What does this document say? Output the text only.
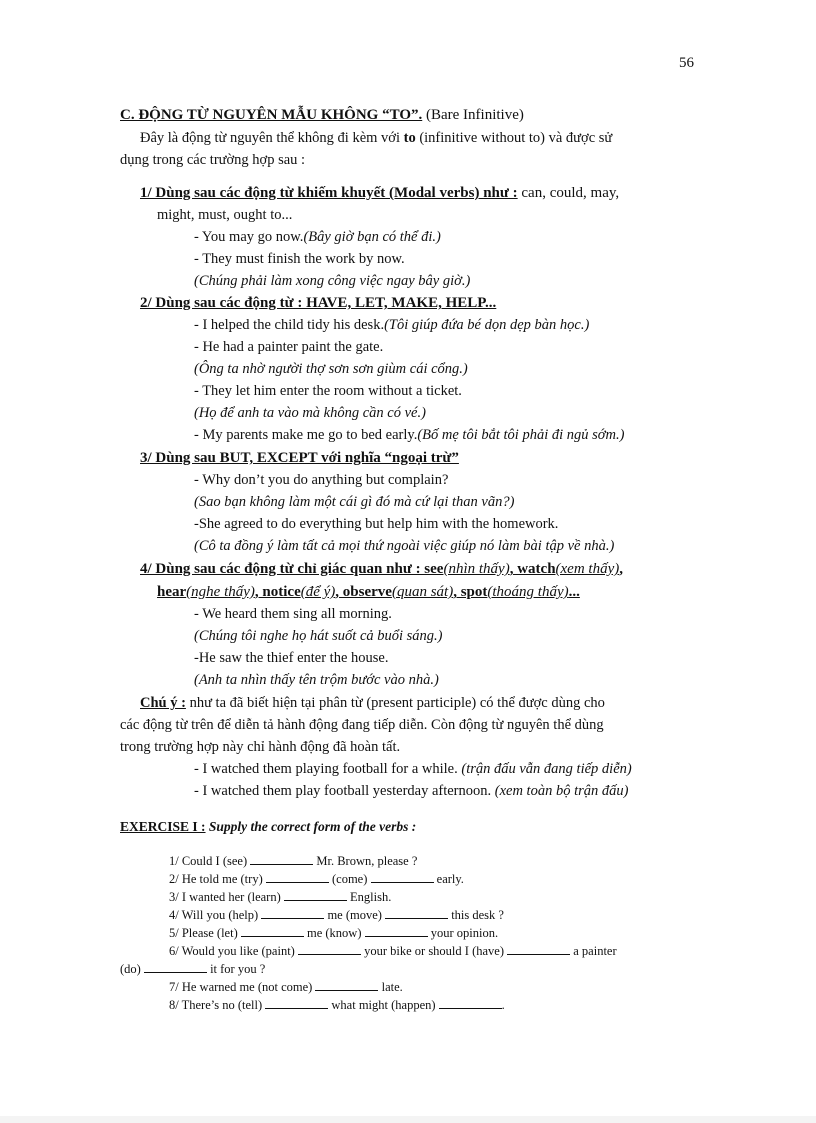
56
C. ĐỘNG TỪ NGUYÊN MẪU KHÔNG “TO”. (Bare Infinitive)
Đây là động từ nguyên thể không đi kèm với to (infinitive without to) và được sử
dụng trong các trường hợp sau :
1/ Dùng sau các động từ khiếm khuyết (Modal verbs) như : can, could, may,
might, must, ought to...
- You may go now.(Bây giờ bạn có thể đi.)
- They must finish the work by now.
(Chúng phải làm xong công việc ngay bây giờ.)
2/ Dùng sau các động từ : HAVE, LET, MAKE, HELP...
- I helped the child tidy his desk.(Tôi giúp đứa bé dọn dẹp bàn học.)
- He had a painter paint the gate.
(Ông ta nhờ người thợ sơn sơn giùm cái cổng.)
- They let him enter the room without a ticket.
(Họ để anh ta vào mà không cần có vé.)
- My parents make me go to bed early.(Bố mẹ tôi bắt tôi phải đi ngủ sớm.)
3/ Dùng sau BUT, EXCEPT với nghĩa “ngoại trừ”
- Why don’t you do anything but complain?
(Sao bạn không làm một cái gì đó mà cứ lại than vãn?)
-She agreed to do everything but help him with the homework.
(Cô ta đồng ý làm tất cả mọi thứ ngoài việc giúp nó làm bài tập về nhà.)
4/ Dùng sau các động từ chỉ giác quan như : see(nhìn thấy), watch(xem thấy),
hear(nghe thấy), notice(để ý), observe(quan sát), spot(thoáng thấy)...
- We heard them sing all morning.
(Chúng tôi nghe họ hát suốt cả buổi sáng.)
-He saw the thief enter the house.
(Anh ta nhìn thấy tên trộm bước vào nhà.)
Chú ý : như ta đã biết hiện tại phân từ (present participle) có thể được dùng cho
các động từ trên để diễn tả hành động đang tiếp diễn. Còn động từ nguyên thể dùng
trong trường hợp này chỉ hành động đã hoàn tất.
- I watched them playing football for a while. (trận đấu vẫn đang tiếp diễn)
- I watched them play football yesterday afternoon. (xem toàn bộ trận đấu)
EXERCISE I : Supply the correct form of the verbs :
1/ Could I (see)	Mr. Brown, please ?
2/ He told me (try)	(come)	early.
3/ I wanted her (learn)	English.
4/ Will you (help)	me (move)	this desk ?
5/ Please (let)	me (know)	your opinion.
6/ Would you like (paint)	your bike or should I (have)	a painter
(do)	it for you ?
7/ He warned me (not come)	late.
8/ There’s no (tell)	what might (happen)	.
